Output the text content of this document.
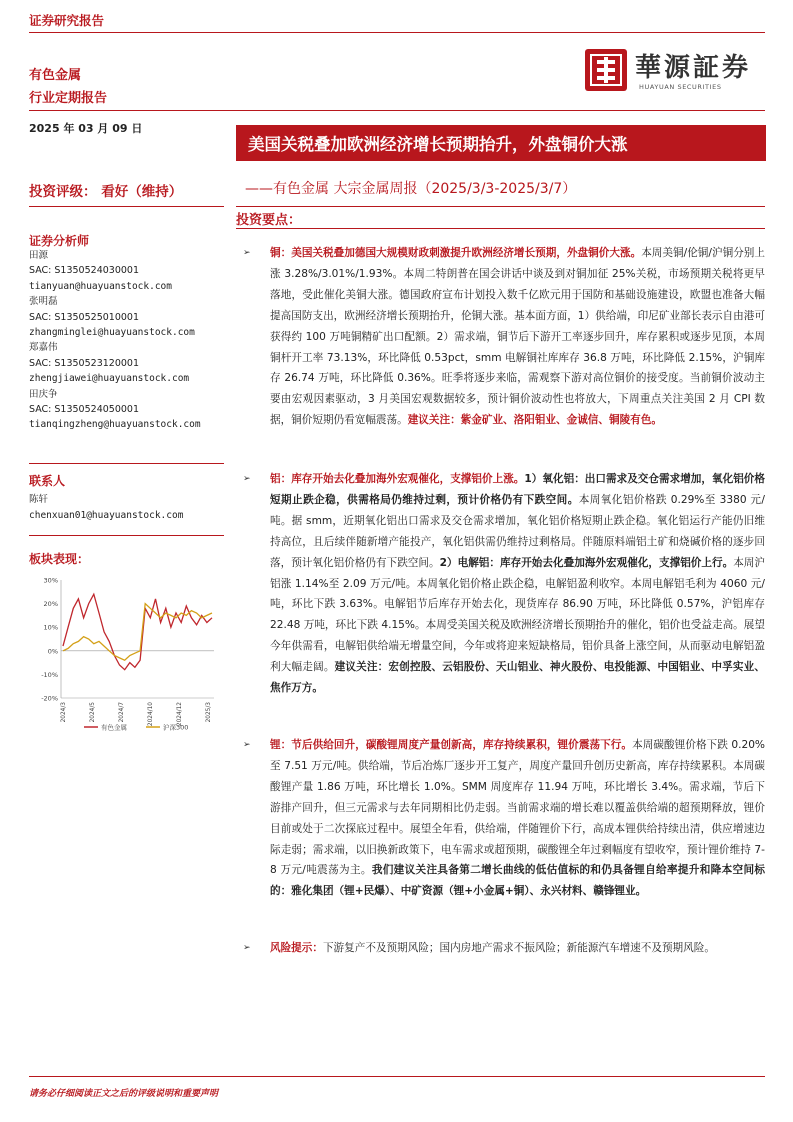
证券研究报告
有色金属
行业定期报告
華源証券
HUAYUAN SECURITIES
2025 年 03 月 09 日
美国关税叠加欧洲经济增长预期抬升，外盘铜价大涨
——有色金属 大宗金属周报（2025/3/3-2025/3/7）
投资评级： 看好（维持）
证券分析师
田源
SAC: S1350524030001
tianyuan@huayuanstock.com
张明磊
SAC: S1350525010001
zhangminglei@huayuanstock.com
郑嘉伟
SAC: S1350523120001
zhengjiawei@huayuanstock.com
田庆争
SAC: S1350524050001
tianqingzheng@huayuanstock.com
联系人
陈轩
chenxuan01@huayuanstock.com
板块表现：
30%
20%
10%
0%
-10%
-20%
2024/3	2024/5	2024/7	2024/10	2024/12	2025/3
有色金属	沪深300
投资要点：
➢ 铜：美国关税叠加德国大规模财政刺激提升欧洲经济增长预期，外盘铜价大涨。本周美铜/伦铜/沪铜分别上涨 3.28%/3.01%/1.93%。本周二特朗普在国会讲话中谈及到对铜加征 25%关税，市场预期关税将更早落地，受此催化美铜大涨。德国政府宣布计划投入数千亿欧元用于国防和基础设施建设，欧盟也准备大幅提高国防支出，欧洲经济增长预期抬升，伦铜大涨。基本面方面，1）供给端，印尼矿业部长表示自由港可获得约 100 万吨铜精矿出口配额。2）需求端，铜节后下游开工率逐步回升，库存累积或逐步见顶，本周铜杆开工率 73.13%，环比降低 0.53pct，smm 电解铜社库库存 36.8 万吨，环比降低 2.15%，沪铜库存 26.74 万吨，环比降低 0.36%。旺季将逐步来临，需观察下游对高位铜价的接受度。当前铜价波动主要由宏观因素驱动，3 月美国宏观数据较多，预计铜价波动性也将放大，下周重点关注美国 2 月 CPI 数据，铜价短期仍看宽幅震荡。建议关注：紫金矿业、洛阳钼业、金诚信、铜陵有色。
➢ 铝：库存开始去化叠加海外宏观催化，支撑铝价上涨。1）氧化铝：出口需求及交仓需求增加，氧化铝价格短期止跌企稳，供需格局仍维持过剩，预计价格仍有下跌空间。本周氧化铝价格跌 0.29%至 3380 元/吨。据 smm，近期氧化铝出口需求及交仓需求增加，氧化铝价格短期止跌企稳。氧化铝运行产能仍旧维持高位，且后续伴随新增产能投产，氧化铝供需仍维持过剩格局。伴随原料端铝土矿和烧碱价格的逐步回落，预计氧化铝价格仍有下跌空间。2）电解铝：库存开始去化叠加海外宏观催化，支撑铝价上行。本周沪铝涨 1.14%至 2.09 万元/吨。本周氧化铝价格止跌企稳，电解铝盈利收窄。本周电解铝毛利为 4060 元/吨，环比下跌 3.63%。电解铝节后库存开始去化，现货库存 86.90 万吨，环比降低 0.57%，沪铝库存 22.48 万吨，环比下跌 4.15%。本周受美国关税及欧洲经济增长预期抬升的催化，铝价也受益走高。展望今年供需看，电解铝供给端无增量空间，今年或将迎来短缺格局，铝价具备上涨空间，从而驱动电解铝盈利大幅走阔。建议关注：宏创控股、云铝股份、天山铝业、神火股份、电投能源、中国铝业、中孚实业、焦作万方。
➢ 锂：节后供给回升，碳酸锂周度产量创新高，库存持续累积，锂价震荡下行。本周碳酸锂价格下跌 0.20%至 7.51 万元/吨。供给端，节后冶炼厂逐步开工复产，周度产量回升创历史新高，库存持续累积。本周碳酸锂产量 1.86 万吨，环比增长 1.0%。SMM 周度库存 11.94 万吨，环比增长 3.4%。需求端，节后下游排产回升，但三元需求与去年同期相比仍走弱。当前需求端的增长难以覆盖供给端的超预期释放，锂价目前或处于二次探底过程中。展望全年看，供给端，伴随锂价下行，高成本锂供给持续出清，供应增速边际走弱；需求端，以旧换新政策下，电车需求或超预期，碳酸锂全年过剩幅度有望收窄，预计锂价维持 7-8 万元/吨震荡为主。我们建议关注具备第二增长曲线的低估值标的和仍具备锂自给率提升和降本空间标的：雅化集团（锂+民爆）、中矿资源（锂+小金属+铜）、永兴材料、赣锋锂业。
➢ 风险提示：下游复产不及预期风险；国内房地产需求不振风险；新能源汽车增速不及预期风险。
请务必仔细阅读正文之后的评级说明和重要声明
